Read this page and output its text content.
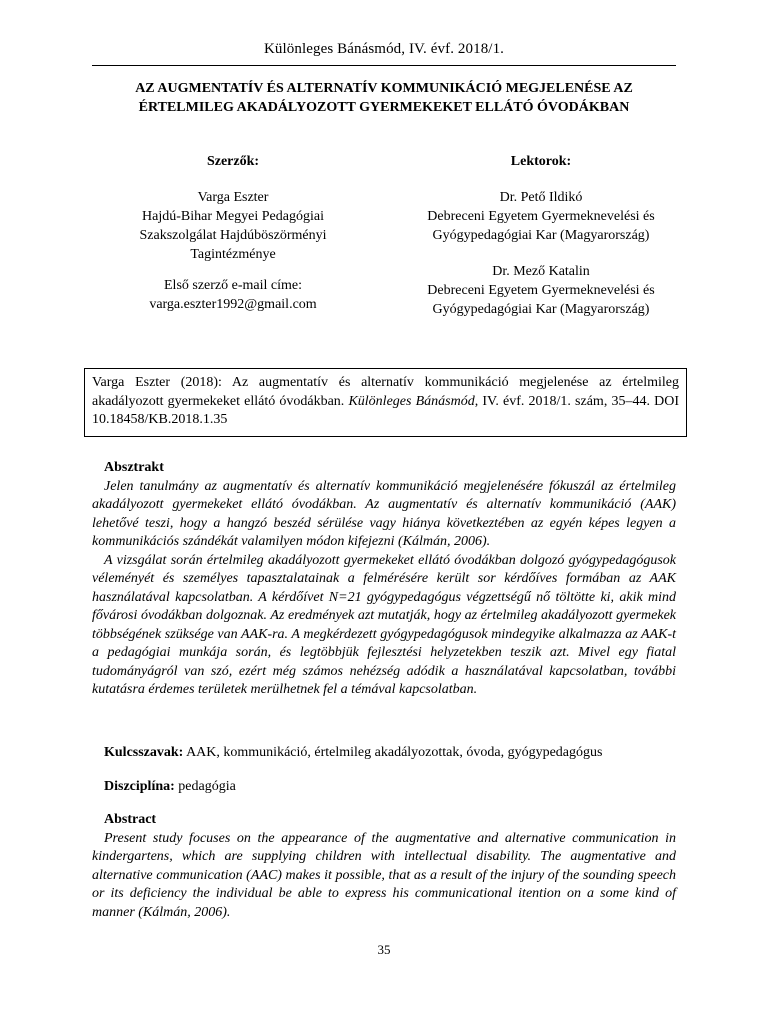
Különleges Bánásmód, IV. évf. 2018/1.
AZ AUGMENTATÍV ÉS ALTERNATÍV KOMMUNIKÁCIÓ MEGJELENÉSE AZ ÉRTELMILEG AKADÁLYOZOTT GYERMEKEKET ELLÁTÓ ÓVODÁKBAN
Szerzők:
Varga Eszter
Hajdú-Bihar Megyei Pedagógiai
Szakszolgálat Hajdúböszörményi
Tagintézménye
Első szerző e-mail címe:
varga.eszter1992@gmail.com
Lektorok:
Dr. Pető Ildikó
Debreceni Egyetem Gyermeknevelési és
Gyógypedagógiai Kar (Magyarország)
Dr. Mező Katalin
Debreceni Egyetem Gyermeknevelési és
Gyógypedagógiai Kar (Magyarország)
Varga Eszter (2018): Az augmentatív és alternatív kommunikáció megjelenése az értelmileg akadályozott gyermekeket ellátó óvodákban. Különleges Bánásmód, IV. évf. 2018/1. szám, 35–44. DOI 10.18458/KB.2018.1.35
Absztrakt

Jelen tanulmány az augmentatív és alternatív kommunikáció megjelenésére fókuszál az értelmileg akadályozott gyermekeket ellátó óvodákban. Az augmentatív és alternatív kommunikáció (AAK) lehetővé teszi, hogy a hangzó beszéd sérülése vagy hiánya következtében az egyén képes legyen a kommunikációs szándékát valamilyen módon kifejezni (Kálmán, 2006).

A vizsgálat során értelmileg akadályozott gyermekeket ellátó óvodákban dolgozó gyógypedagógusok véleményét és személyes tapasztalatainak a felmérésére került sor kérdőíves formában az AAK használatával kapcsolatban. A kérdőívet N=21 gyógypedagógus végzettségű nő töltötte ki, akik mind fővárosi óvodákban dolgoznak. Az eredmények azt mutatják, hogy az értelmileg akadályozott gyermekek többségének szüksége van AAK-ra. A megkérdezett gyógypedagógusok mindegyike alkalmazza az AAK-t a pedagógiai munkája során, és legtöbbjük fejlesztési helyzetekben teszik azt. Mivel egy fiatal tudományágról van szó, ezért még számos nehézség adódik a használatával kapcsolatban, további kutatásra érdemes területek merülhetnek fel a témával kapcsolatban.

Kulcsszavak: AAK, kommunikáció, értelmileg akadályozottak, óvoda, gyógypedagógus
Diszciplína: pedagógia
Abstract

Present study focuses on the appearance of the augmentative and alternative communication in kindergartens, which are supplying children with intellectual disability. The augmentative and alternative communication (AAC) makes it possible, that as a result of the injury of the sounding speech or its deficiency the individual be able to express his communicational itention on a some kind of manner (Kálmán, 2006).

35
